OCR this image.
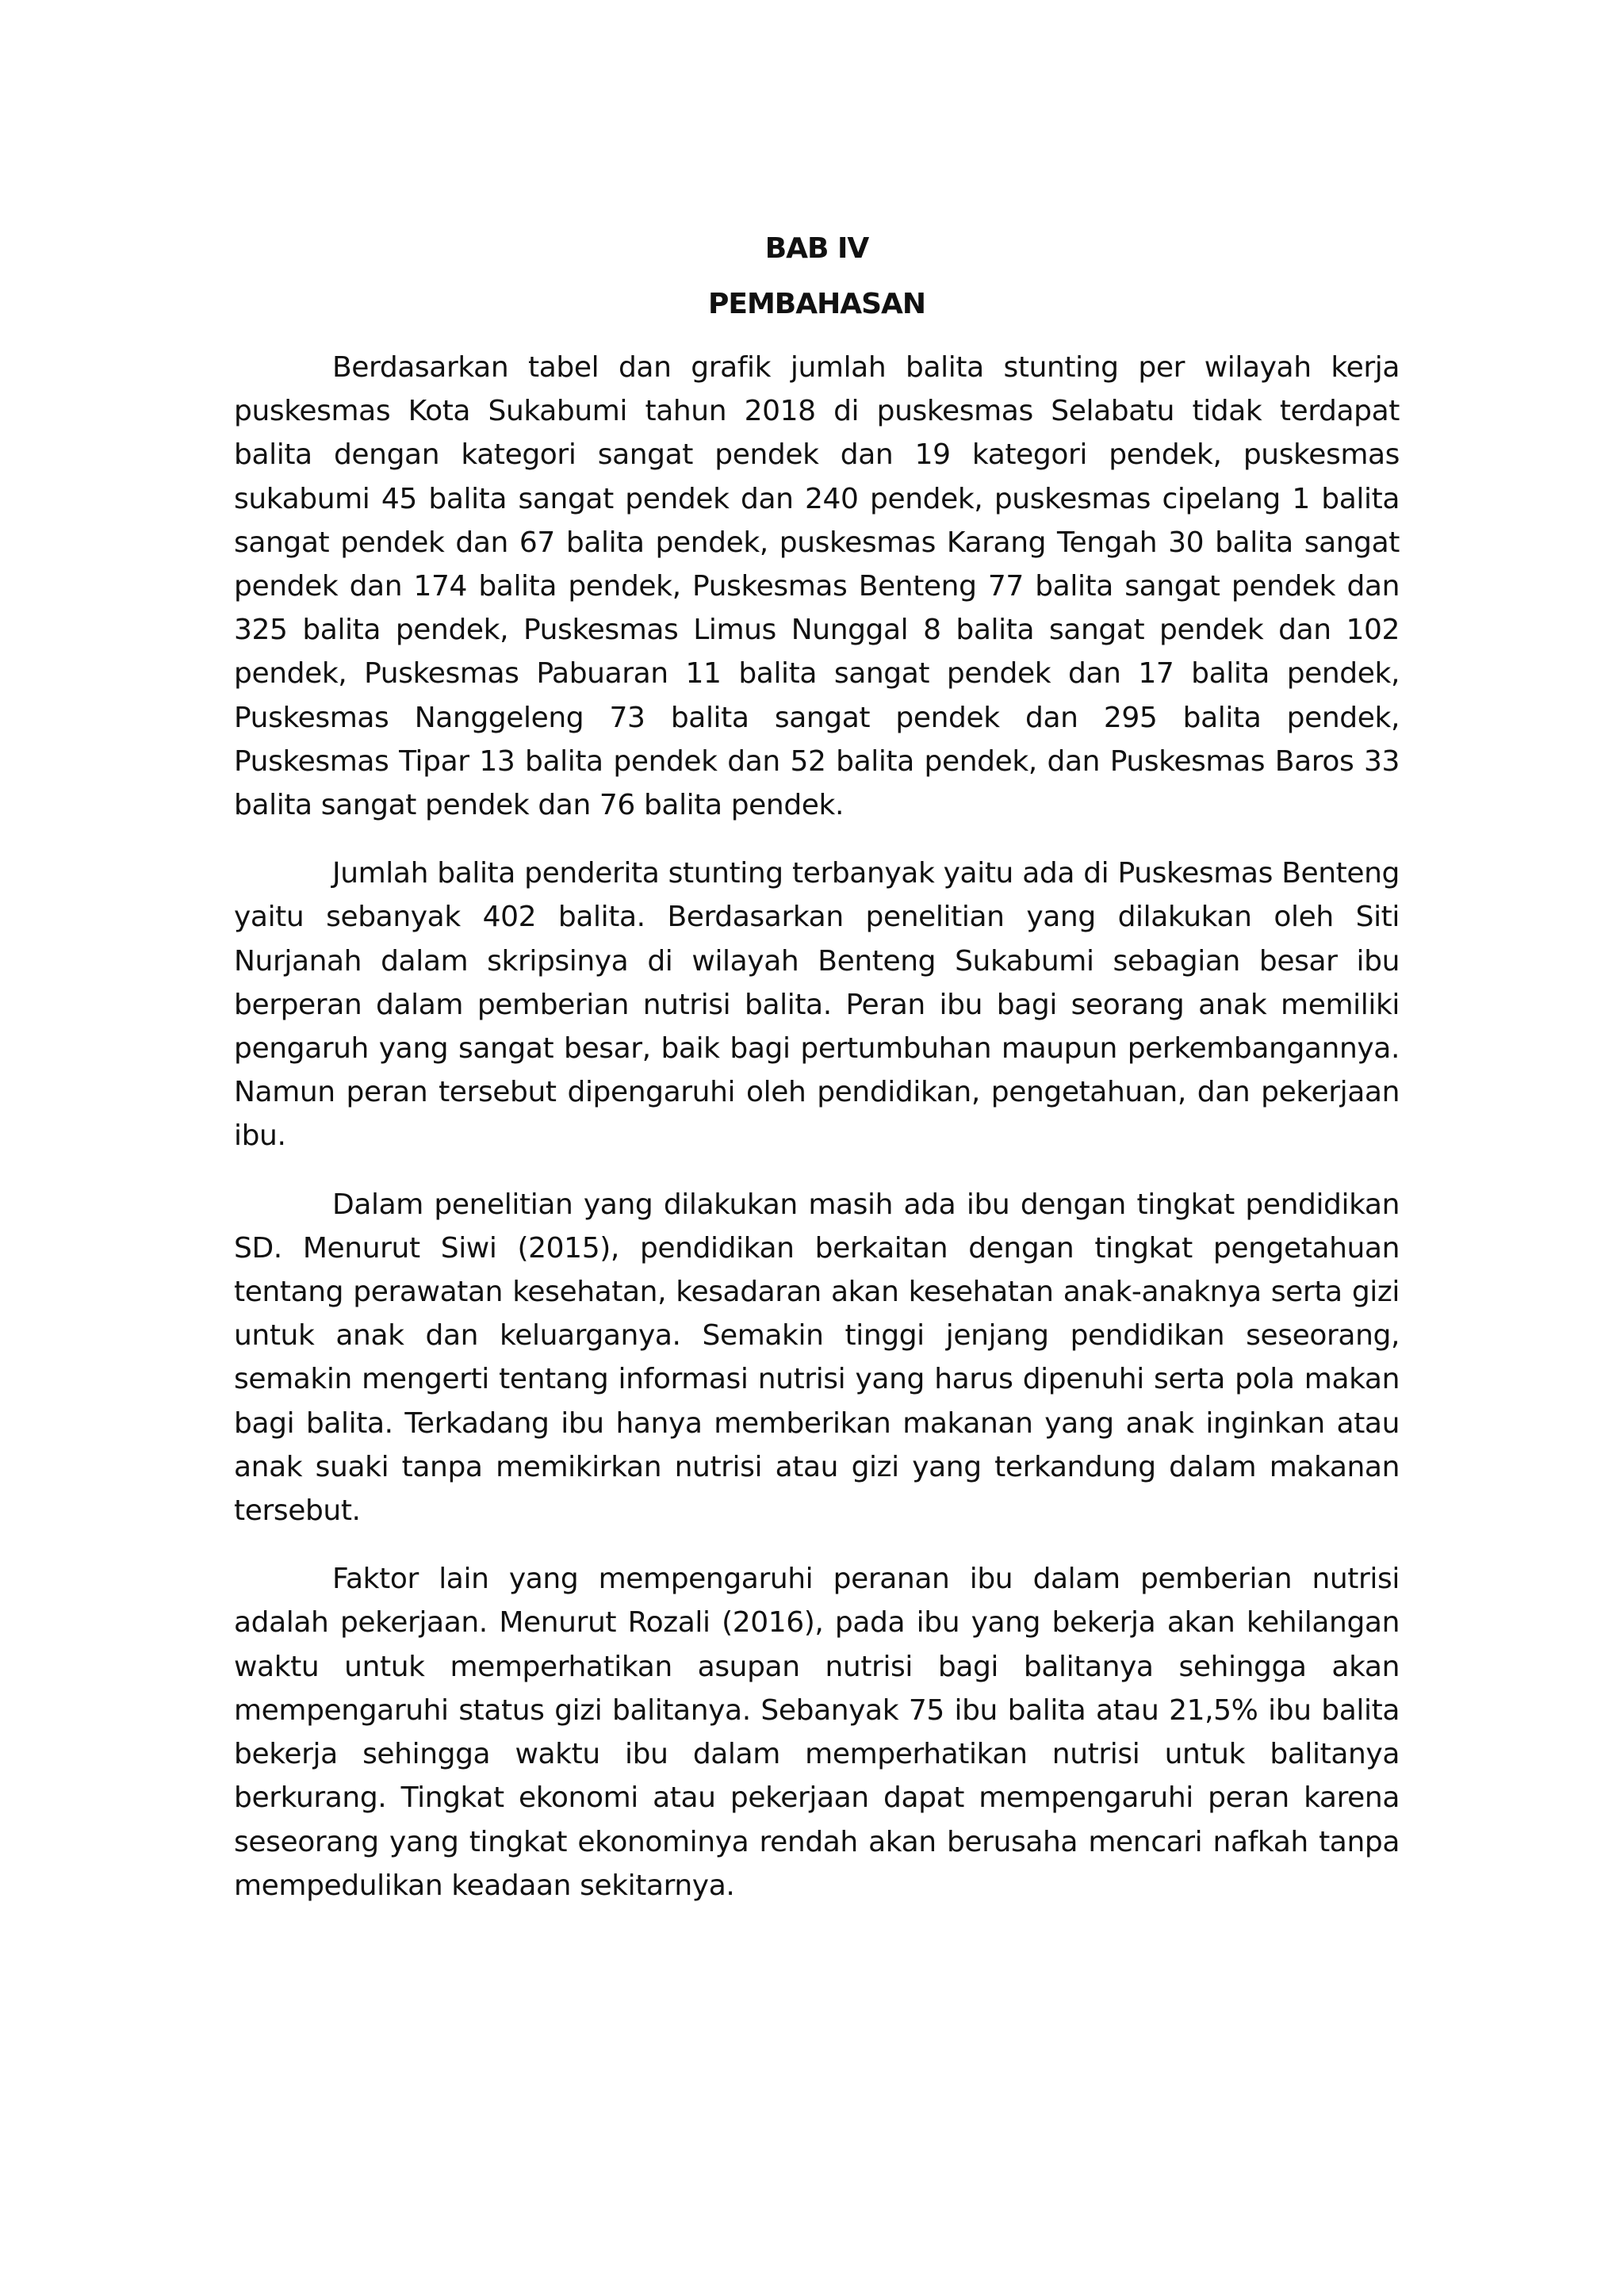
BAB IV
PEMBAHASAN

Berdasarkan tabel dan grafik jumlah balita stunting per wilayah kerja puskesmas Kota Sukabumi tahun 2018 di puskesmas Selabatu tidak terdapat balita dengan kategori sangat pendek dan 19 kategori pendek, puskesmas sukabumi 45 balita sangat pendek dan 240 pendek, puskesmas cipelang 1 balita sangat pendek dan 67 balita pendek, puskesmas Karang Tengah 30 balita sangat pendek dan 174 balita pendek, Puskesmas Benteng 77 balita sangat pendek dan 325 balita pendek, Puskesmas Limus Nunggal 8 balita sangat pendek dan 102 pendek, Puskesmas Pabuaran 11 balita sangat pendek dan 17 balita pendek, Puskesmas Nanggeleng 73 balita sangat pendek dan 295 balita pendek, Puskesmas Tipar 13 balita pendek dan 52 balita pendek, dan Puskesmas Baros 33 balita sangat pendek dan 76 balita pendek.

Jumlah balita penderita stunting terbanyak yaitu ada di Puskesmas Benteng yaitu sebanyak 402 balita. Berdasarkan penelitian yang dilakukan oleh Siti Nurjanah dalam skripsinya di wilayah Benteng Sukabumi sebagian besar ibu berperan dalam pemberian nutrisi balita. Peran ibu bagi seorang anak memiliki pengaruh yang sangat besar, baik bagi pertumbuhan maupun perkembangannya. Namun peran tersebut dipengaruhi oleh pendidikan, pengetahuan, dan pekerjaan ibu.

Dalam penelitian yang dilakukan masih ada ibu dengan tingkat pendidikan SD. Menurut Siwi (2015), pendidikan berkaitan dengan tingkat pengetahuan tentang perawatan kesehatan, kesadaran akan kesehatan anak-anaknya serta gizi untuk anak dan keluarganya. Semakin tinggi jenjang pendidikan seseorang, semakin mengerti tentang informasi nutrisi yang harus dipenuhi serta pola makan bagi balita. Terkadang ibu hanya memberikan makanan yang anak inginkan atau anak suaki tanpa memikirkan nutrisi atau gizi yang terkandung dalam makanan tersebut.

Faktor lain yang mempengaruhi peranan ibu dalam pemberian nutrisi adalah pekerjaan. Menurut Rozali (2016), pada ibu yang bekerja akan kehilangan waktu untuk memperhatikan asupan nutrisi bagi balitanya sehingga akan mempengaruhi status gizi balitanya. Sebanyak 75 ibu balita atau 21,5% ibu balita bekerja sehingga waktu ibu dalam memperhatikan nutrisi untuk balitanya berkurang. Tingkat ekonomi atau pekerjaan dapat mempengaruhi peran karena seseorang yang tingkat ekonominya rendah akan berusaha mencari nafkah tanpa mempedulikan keadaan sekitarnya.
